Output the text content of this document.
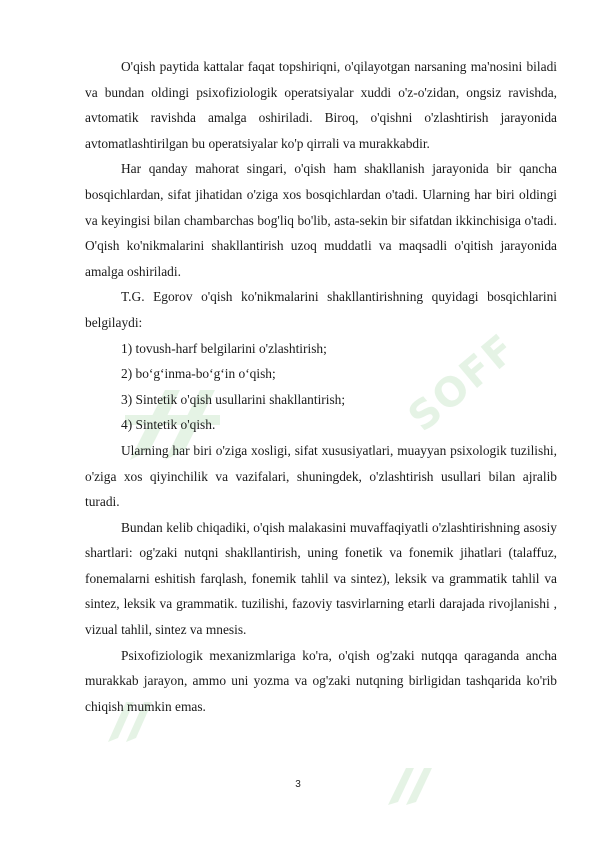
SOFF

O'qish paytida kattalar faqat topshiriqni, o'qilayotgan narsaning ma'nosini biladi va bundan oldingi psixofiziologik operatsiyalar xuddi o'z-o'zidan, ongsiz ravishda, avtomatik ravishda amalga oshiriladi. Biroq, o'qishni o'zlashtirish jarayonida avtomatlashtirilgan bu operatsiyalar ko'p qirrali va murakkabdir.

Har qanday mahorat singari, o'qish ham shakllanish jarayonida bir qancha bosqichlardan, sifat jihatidan o'ziga xos bosqichlardan o'tadi. Ularning har biri oldingi va keyingisi bilan chambarchas bog'liq bo'lib, asta-sekin bir sifatdan ikkinchisiga o'tadi. O'qish ko'nikmalarini shakllantirish uzoq muddatli va maqsadli o'qitish jarayonida amalga oshiriladi.

T.G. Egorov o'qish ko'nikmalarini shakllantirishning quyidagi bosqichlarini belgilaydi:

1) tovush-harf belgilarini o'zlashtirish;

2) bo‘g‘inma-bo‘g‘in o‘qish;

3) Sintetik o'qish usullarini shakllantirish;

4) Sintetik o'qish.

Ularning har biri o'ziga xosligi, sifat xususiyatlari, muayyan psixologik tuzilishi, o'ziga xos qiyinchilik va vazifalari, shuningdek, o'zlashtirish usullari bilan ajralib turadi.

Bundan kelib chiqadiki, o'qish malakasini muvaffaqiyatli o'zlashtirishning asosiy shartlari: og'zaki nutqni shakllantirish, uning fonetik va fonemik jihatlari (talaffuz, fonemalarni eshitish farqlash, fonemik tahlil va sintez), leksik va grammatik tahlil va sintez, leksik va grammatik. tuzilishi, fazoviy tasvirlarning etarli darajada rivojlanishi , vizual tahlil, sintez va mnesis.

Psixofiziologik mexanizmlariga ko'ra, o'qish og'zaki nutqqa qaraganda ancha murakkab jarayon, ammo uni yozma va og'zaki nutqning birligidan tashqarida ko'rib chiqish mumkin emas.

3
